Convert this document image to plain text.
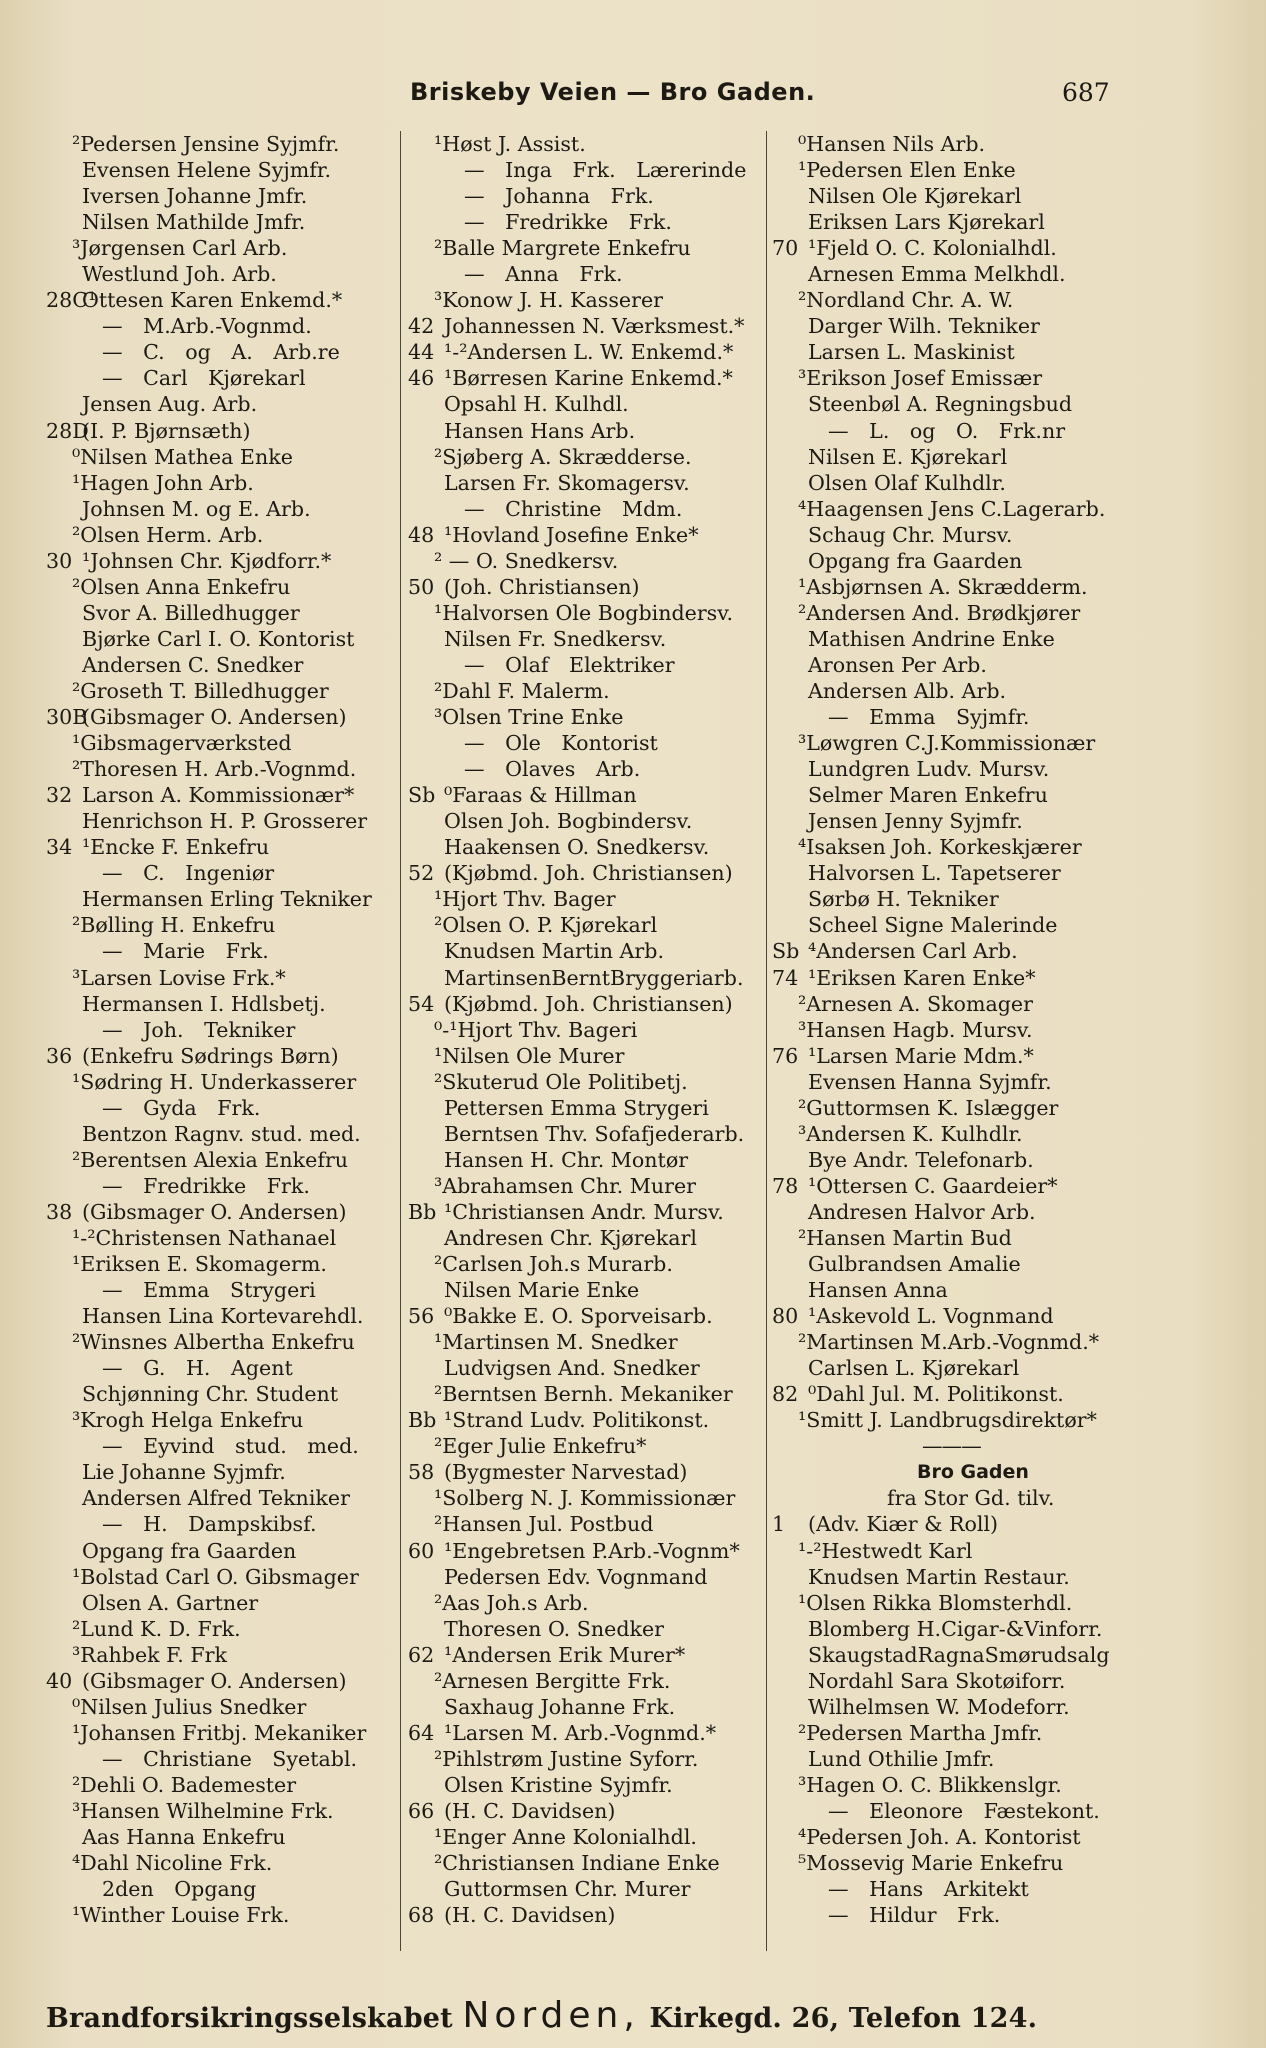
Briskeby Veien — Bro Gaden.	687
²Pedersen Jensine Syjmfr.
Evensen Helene Syjmfr.
Iversen Johanne Jmfr.
Nilsen Mathilde Jmfr.
³Jørgensen Carl Arb.
Westlund Joh. Arb.
28C¹
Ottesen Karen Enkemd.*
— M.Arb.-Vognmd.
— C. og A. Arb.re
— Carl Kjørekarl
Jensen Aug. Arb.
28D
(I. P. Bjørnsæth)
⁰Nilsen Mathea Enke
¹Hagen John Arb.
Johnsen M. og E. Arb.
²Olsen Herm. Arb.
30 ¹Johnsen Chr. Kjødforr.*
²Olsen Anna Enkefru
Svor A. Billedhugger
Bjørke Carl I. O. Kontorist
Andersen C. Snedker
²Groseth T. Billedhugger
30B
(Gibsmager O. Andersen)
¹Gibsmagerværksted
²Thoresen H. Arb.-Vognmd.
32 Larson A. Kommissionær*
Henrichson H. P. Grosserer
34 ¹Encke F. Enkefru
— C. Ingeniør
Hermansen Erling Tekniker
²Bølling H. Enkefru
— Marie Frk.
³Larsen Lovise Frk.*
Hermansen I. Hdlsbetj.
— Joh. Tekniker
36 (Enkefru Sødrings Børn)
¹Sødring H. Underkasserer
— Gyda Frk.
Bentzon Ragnv. stud. med.
²Berentsen Alexia Enkefru
— Fredrikke Frk.
38 (Gibsmager O. Andersen)
¹-²Christensen Nathanael
¹Eriksen E. Skomagerm.
— Emma Strygeri
Hansen Lina Kortevarehdl.
²Winsnes Albertha Enkefru
— G. H. Agent
Schjønning Chr. Student
³Krogh Helga Enkefru
— Eyvind stud. med.
Lie Johanne Syjmfr.
Andersen Alfred Tekniker
— H. Dampskibsf.
Opgang fra Gaarden
¹Bolstad Carl O. Gibsmager
Olsen A. Gartner
²Lund K. D. Frk.
³Rahbek F. Frk
40 (Gibsmager O. Andersen)
⁰Nilsen Julius Snedker
¹Johansen Fritbj. Mekaniker
— Christiane Syetabl.
²Dehli O. Bademester
³Hansen Wilhelmine Frk.
Aas Hanna Enkefru
⁴Dahl Nicoline Frk.
2den Opgang
¹Winther Louise Frk.
¹Høst J. Assist.
— Inga Frk. Lærerinde
— Johanna Frk.
— Fredrikke Frk.
²Balle Margrete Enkefru
— Anna Frk.
³Konow J. H. Kasserer
42 Johannessen N. Værksmest.*
44 ¹-²Andersen L. W. Enkemd.*
46 ¹Børresen Karine Enkemd.*
Opsahl H. Kulhdl.
Hansen Hans Arb.
²Sjøberg A. Skrædderse.
Larsen Fr. Skomagersv.
— Christine Mdm.
48 ¹Hovland Josefine Enke*
² — O. Snedkersv.
50 (Joh. Christiansen)
¹Halvorsen Ole Bogbindersv.
Nilsen Fr. Snedkersv.
— Olaf Elektriker
²Dahl F. Malerm.
³Olsen Trine Enke
— Ole Kontorist
— Olaves Arb.
Sb ⁰Faraas & Hillman
Olsen Joh. Bogbindersv.
Haakensen O. Snedkersv.
52 (Kjøbmd. Joh. Christiansen)
¹Hjort Thv. Bager
²Olsen O. P. Kjørekarl
Knudsen Martin Arb.
MartinsenBerntBryggeriarb.
54 (Kjøbmd. Joh. Christiansen)
⁰-¹Hjort Thv. Bageri
¹Nilsen Ole Murer
²Skuterud Ole Politibetj.
Pettersen Emma Strygeri
Berntsen Thv. Sofafjederarb.
Hansen H. Chr. Montør
³Abrahamsen Chr. Murer
Bb ¹Christiansen Andr. Mursv.
Andresen Chr. Kjørekarl
²Carlsen Joh.s Murarb.
Nilsen Marie Enke
56 ⁰Bakke E. O. Sporveisarb.
¹Martinsen M. Snedker
Ludvigsen And. Snedker
²Berntsen Bernh. Mekaniker
Bb ¹Strand Ludv. Politikonst.
²Eger Julie Enkefru*
58 (Bygmester Narvestad)
¹Solberg N. J. Kommissionær
²Hansen Jul. Postbud
60 ¹Engebretsen P.Arb.-Vognm*
Pedersen Edv. Vognmand
²Aas Joh.s Arb.
Thoresen O. Snedker
62 ¹Andersen Erik Murer*
²Arnesen Bergitte Frk.
Saxhaug Johanne Frk.
64 ¹Larsen M. Arb.-Vognmd.*
²Pihlstrøm Justine Syforr.
Olsen Kristine Syjmfr.
66 (H. C. Davidsen)
¹Enger Anne Kolonialhdl.
²Christiansen Indiane Enke
Guttormsen Chr. Murer
68 (H. C. Davidsen)
⁰Hansen Nils Arb.
¹Pedersen Elen Enke
Nilsen Ole Kjørekarl
Eriksen Lars Kjørekarl
70 ¹Fjeld O. C. Kolonialhdl.
Arnesen Emma Melkhdl.
²Nordland Chr. A. W.
Darger Wilh. Tekniker
Larsen L. Maskinist
³Erikson Josef Emissær
Steenbøl A. Regningsbud
— L. og O. Frk.nr
Nilsen E. Kjørekarl
Olsen Olaf Kulhdlr.
⁴Haagensen Jens C.Lagerarb.
Schaug Chr. Mursv.
Opgang fra Gaarden
¹Asbjørnsen A. Skrædderm.
²Andersen And. Brødkjører
Mathisen Andrine Enke
Aronsen Per Arb.
Andersen Alb. Arb.
— Emma Syjmfr.
³Løwgren C.J.Kommissionær
Lundgren Ludv. Mursv.
Selmer Maren Enkefru
Jensen Jenny Syjmfr.
⁴Isaksen Joh. Korkeskjærer
Halvorsen L. Tapetserer
Sørbø H. Tekniker
Scheel Signe Malerinde
Sb ⁴Andersen Carl Arb.
74 ¹Eriksen Karen Enke*
²Arnesen A. Skomager
³Hansen Hagb. Mursv.
76 ¹Larsen Marie Mdm.*
Evensen Hanna Syjmfr.
²Guttormsen K. Islægger
³Andersen K. Kulhdlr.
Bye Andr. Telefonarb.
78 ¹Ottersen C. Gaardeier*
Andresen Halvor Arb.
²Hansen Martin Bud
Gulbrandsen Amalie
Hansen Anna
80 ¹Askevold L. Vognmand
²Martinsen M.Arb.-Vognmd.*
Carlsen L. Kjørekarl
82 ⁰Dahl Jul. M. Politikonst.
¹Smitt J. Landbrugsdirektør*
———
Bro Gaden
fra Stor Gd. tilv.
1	(Adv. Kiær & Roll)
¹-²Hestwedt Karl
Knudsen Martin Restaur.
¹Olsen Rikka Blomsterhdl.
Blomberg H.Cigar-&Vinforr.
SkaugstadRagnaSmørudsalg
Nordahl Sara Skotøiforr.
Wilhelmsen W. Modeforr.
²Pedersen Martha Jmfr.
Lund Othilie Jmfr.
³Hagen O. C. Blikkenslgr.
— Eleonore Fæstekont.
⁴Pedersen Joh. A. Kontorist
⁵Mossevig Marie Enkefru
— Hans Arkitekt
— Hildur Frk.
Brandforsikringsselskabet Norden, Kirkegd. 26, Telefon 124.
